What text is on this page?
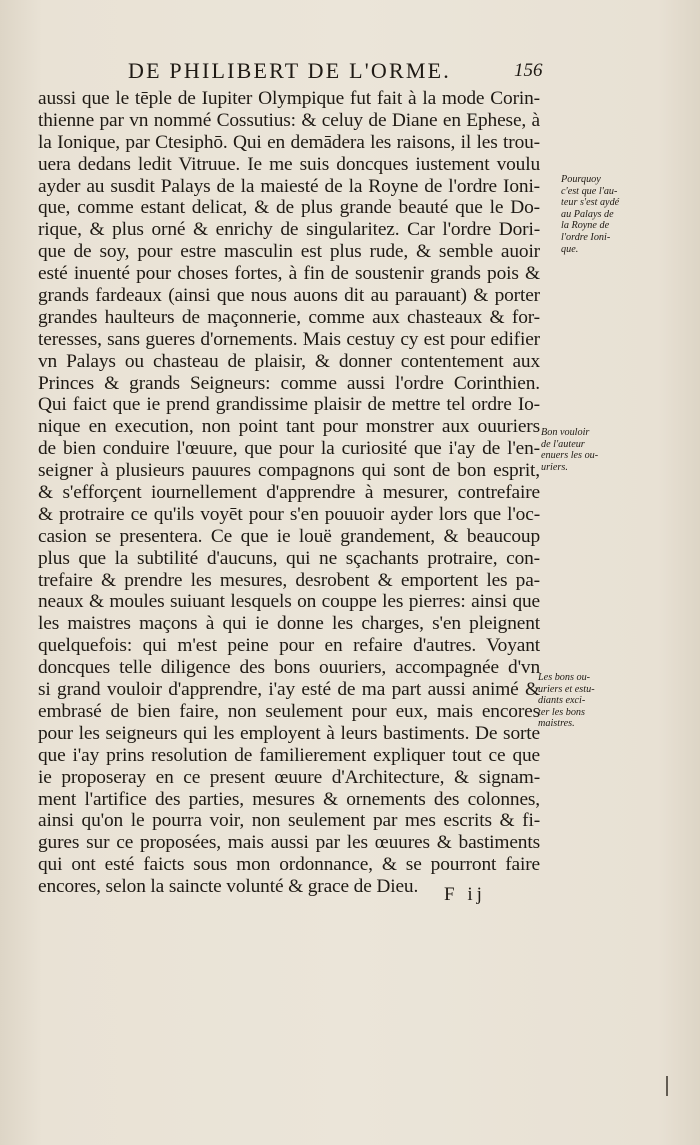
DE PHILIBERT DE L'ORME.	156
aussi que le tēple de Iupiter Olympique fut fait à la mode Corin-
thienne par vn nommé Cossutius: & celuy de Diane en Ephese, à
la Ionique, par Ctesiphō. Qui en demādera les raisons, il les trou-
uera dedans ledit Vitruue. Ie me suis doncques iustement voulu
ayder au susdit Palays de la maiesté de la Royne de l'ordre Ioni-
que, comme estant delicat, & de plus grande beauté que le Do-
rique, & plus orné & enrichy de singularitez. Car l'ordre Dori-
que de soy, pour estre masculin est plus rude, & semble auoir
esté inuenté pour choses fortes, à fin de soustenir grands pois &
grands fardeaux (ainsi que nous auons dit au parauant) & porter
grandes haulteurs de maçonnerie, comme aux chasteaux & for-
teresses, sans gueres d'ornements. Mais cestuy cy est pour edifier
vn Palays ou chasteau de plaisir, & donner contentement aux
Princes & grands Seigneurs: comme aussi l'ordre Corinthien.
Qui faict que ie prend grandissime plaisir de mettre tel ordre Io-
nique en execution, non point tant pour monstrer aux ouuriers
de bien conduire l'œuure, que pour la curiosité que i'ay de l'en-
seigner à plusieurs pauures compagnons qui sont de bon esprit,
& s'efforçent iournellement d'apprendre à mesurer, contrefaire
& protraire ce qu'ils voyēt pour s'en pouuoir ayder lors que l'oc-
casion se presentera. Ce que ie louë grandement, & beaucoup
plus que la subtilité d'aucuns, qui ne sçachants protraire, con-
trefaire & prendre les mesures, desrobent & emportent les pa-
neaux & moules suiuant lesquels on couppe les pierres: ainsi que
les maistres maçons à qui ie donne les charges, s'en pleignent
quelquefois: qui m'est peine pour en refaire d'autres. Voyant
doncques telle diligence des bons ouuriers, accompagnée d'vn
si grand vouloir d'apprendre, i'ay esté de ma part aussi animé &
embrasé de bien faire, non seulement pour eux, mais encores
pour les seigneurs qui les employent à leurs bastiments. De sorte
que i'ay prins resolution de familierement expliquer tout ce que
ie proposeray en ce present œuure d'Architecture, & signam-
ment l'artifice des parties, mesures & ornements des colonnes,
ainsi qu'on le pourra voir, non seulement par mes escrits & fi-
gures sur ce proposées, mais aussi par les œuures & bastiments
qui ont esté faicts sous mon ordonnance, & se pourront faire
encores, selon la saincte volunté & grace de Dieu.
Pourquoy
c'est que l'au-
teur s'est aydé
au Palays de
la Royne de
l'ordre Ioni-
que.
Bon vouloir
de l'auteur
enuers les ou-
uriers.
Les bons ou-
uriers et estu-
diants exci-
ter les bons
maistres.
F ij
